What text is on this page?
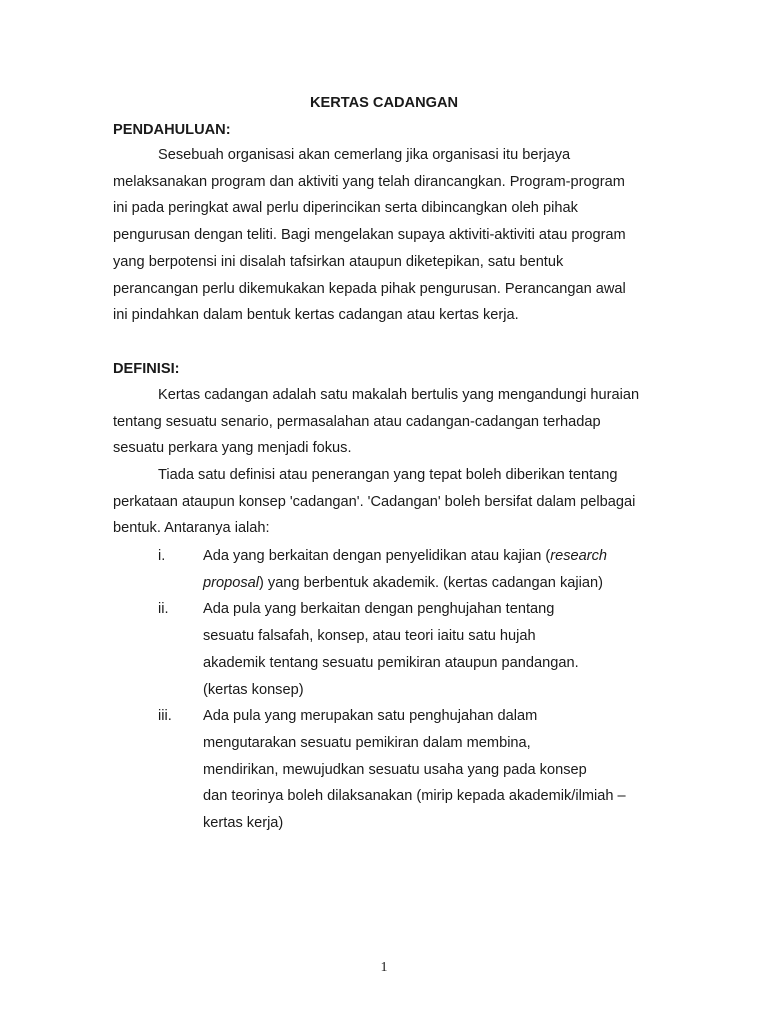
KERTAS CADANGAN
PENDAHULUAN:
Sesebuah organisasi akan cemerlang jika organisasi itu berjaya
melaksanakan program dan aktiviti yang telah dirancangkan. Program-program
ini pada peringkat awal perlu diperincikan serta dibincangkan oleh pihak
pengurusan dengan teliti. Bagi mengelakan supaya aktiviti-aktiviti atau program
yang berpotensi ini disalah tafsirkan ataupun diketepikan, satu bentuk
perancangan perlu dikemukakan kepada pihak pengurusan. Perancangan awal
ini pindahkan dalam bentuk kertas cadangan atau kertas kerja.
DEFINISI:
Kertas cadangan adalah satu makalah bertulis yang mengandungi huraian
tentang sesuatu senario, permasalahan atau cadangan-cadangan terhadap
sesuatu perkara yang menjadi fokus.
Tiada satu definisi atau penerangan yang tepat boleh diberikan tentang
perkataan ataupun konsep 'cadangan'. 'Cadangan' boleh bersifat dalam pelbagai
bentuk. Antaranya ialah:
i.	Ada yang berkaitan dengan penyelidikan atau kajian (research
proposal) yang berbentuk akademik. (kertas cadangan kajian)
ii. Ada pula yang berkaitan dengan penghujahan tentang
sesuatu falsafah, konsep, atau teori iaitu satu hujah
akademik tentang sesuatu pemikiran ataupun pandangan.
(kertas konsep)
iii. Ada pula yang merupakan satu penghujahan dalam
mengutarakan sesuatu pemikiran dalam membina,
mendirikan, mewujudkan sesuatu usaha yang pada konsep
dan teorinya boleh dilaksanakan (mirip kepada akademik/ilmiah –
kertas kerja)
1
